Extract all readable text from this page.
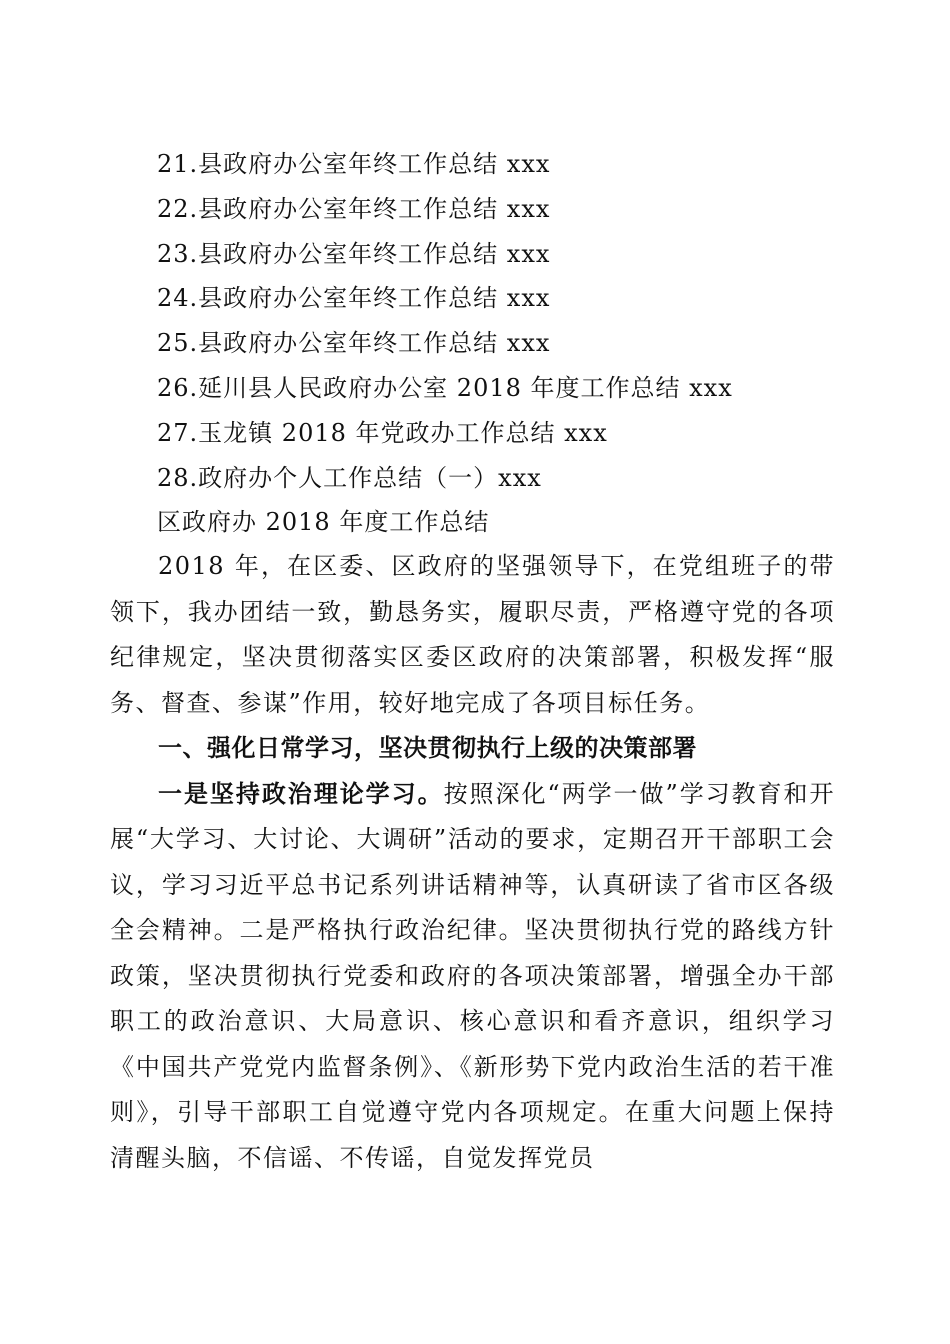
21.县政府办公室年终工作总结 xxx
22.县政府办公室年终工作总结 xxx
23.县政府办公室年终工作总结 xxx
24.县政府办公室年终工作总结 xxx
25.县政府办公室年终工作总结 xxx
26.延川县人民政府办公室 2018 年度工作总结 xxx
27.玉龙镇 2018 年党政办工作总结 xxx
28.政府办个人工作总结（一）xxx
区政府办 2018 年度工作总结

2018 年，在区委、区政府的坚强领导下，在党组班子的带领下，我办团结一致，勤恳务实，履职尽责，严格遵守党的各项纪律规定，坚决贯彻落实区委区政府的决策部署，积极发挥“服务、督查、参谋”作用，较好地完成了各项目标任务。

一、强化日常学习，坚决贯彻执行上级的决策部署

一是坚持政治理论学习。按照深化“两学一做”学习教育和开展“大学习、大讨论、大调研”活动的要求，定期召开干部职工会议，学习习近平总书记系列讲话精神等，认真研读了省市区各级全会精神。二是严格执行政治纪律。坚决贯彻执行党的路线方针政策，坚决贯彻执行党委和政府的各项决策部署，增强全办干部职工的政治意识、大局意识、核心意识和看齐意识，组织学习《中国共产党党内监督条例》、《新形势下党内政治生活的若干准则》，引导干部职工自觉遵守党内各项规定。在重大问题上保持清醒头脑，不信谣、不传谣，自觉发挥党员
